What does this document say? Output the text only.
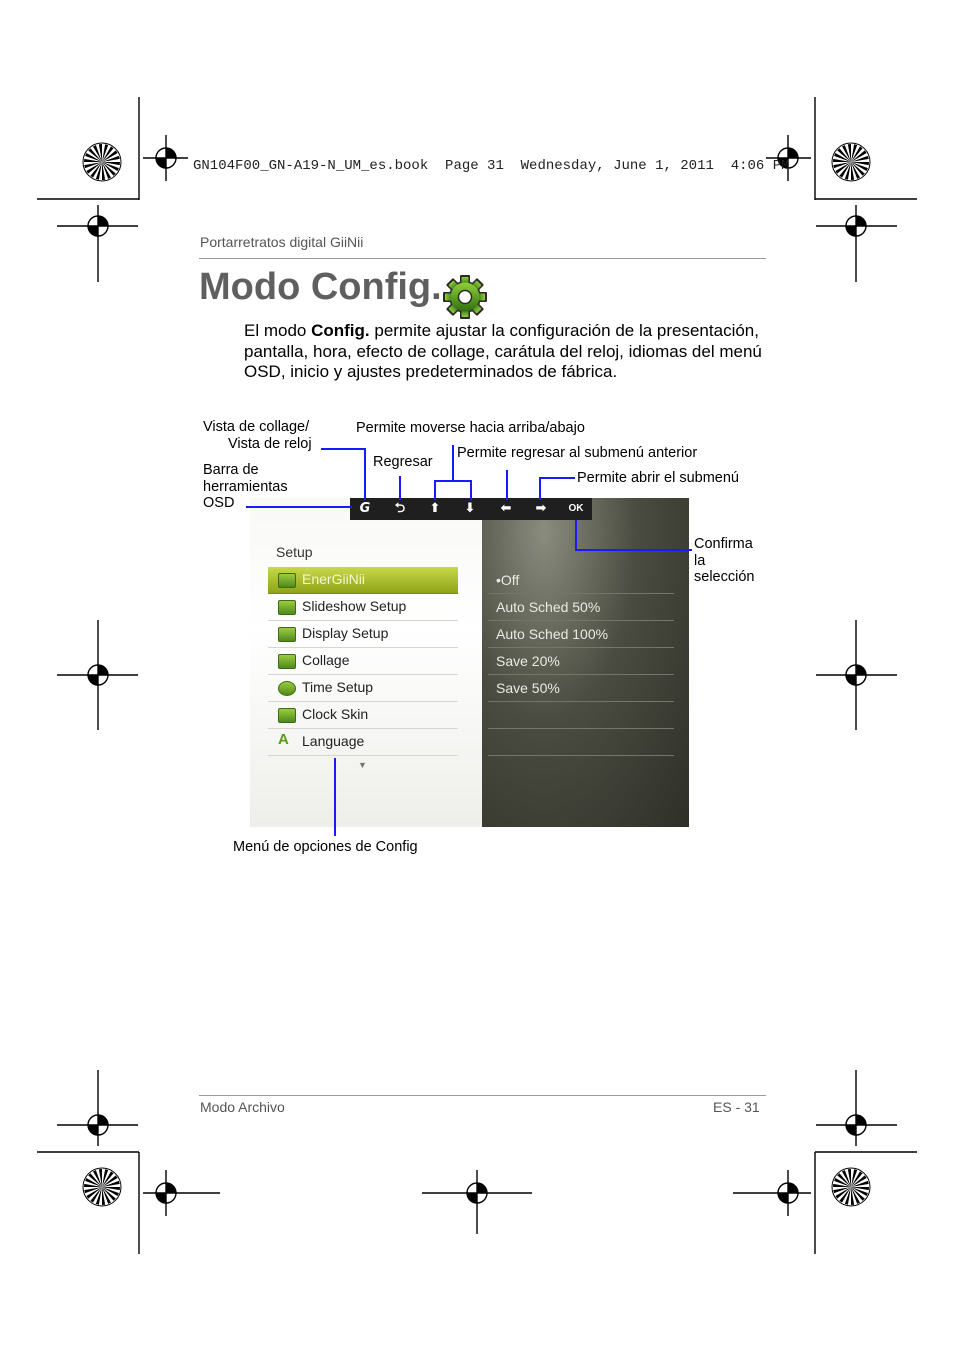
GN104F00_GN-A19-N_UM_es.book  Page 31  Wednesday, June 1, 2011  4:06 PM
Portarretratos digital GiiNii
Modo Config.
El modo Config. permite ajustar la configuración de la presentación, pantalla, hora, efecto de collage, carátula del reloj, idiomas del menú OSD, inicio y ajustes predeterminados de fábrica.
Vista de collage/
Vista de reloj
Barra de
herramientas
OSD
Permite moverse hacia arriba/abajo
Regresar
Permite regresar al submenú anterior
Permite abrir el submenú
Confirma
la
selección
Menú de opciones de Config
G	⮌	⬆	⬇	⬅	➡	OK
Setup
EnerGiiNii
Slideshow Setup
Display Setup
Collage
Time Setup
Clock Skin
A Language
▼
•Off
Auto Sched 50%
Auto Sched 100%
Save 20%
Save 50%
Modo Archivo	ES - 31
